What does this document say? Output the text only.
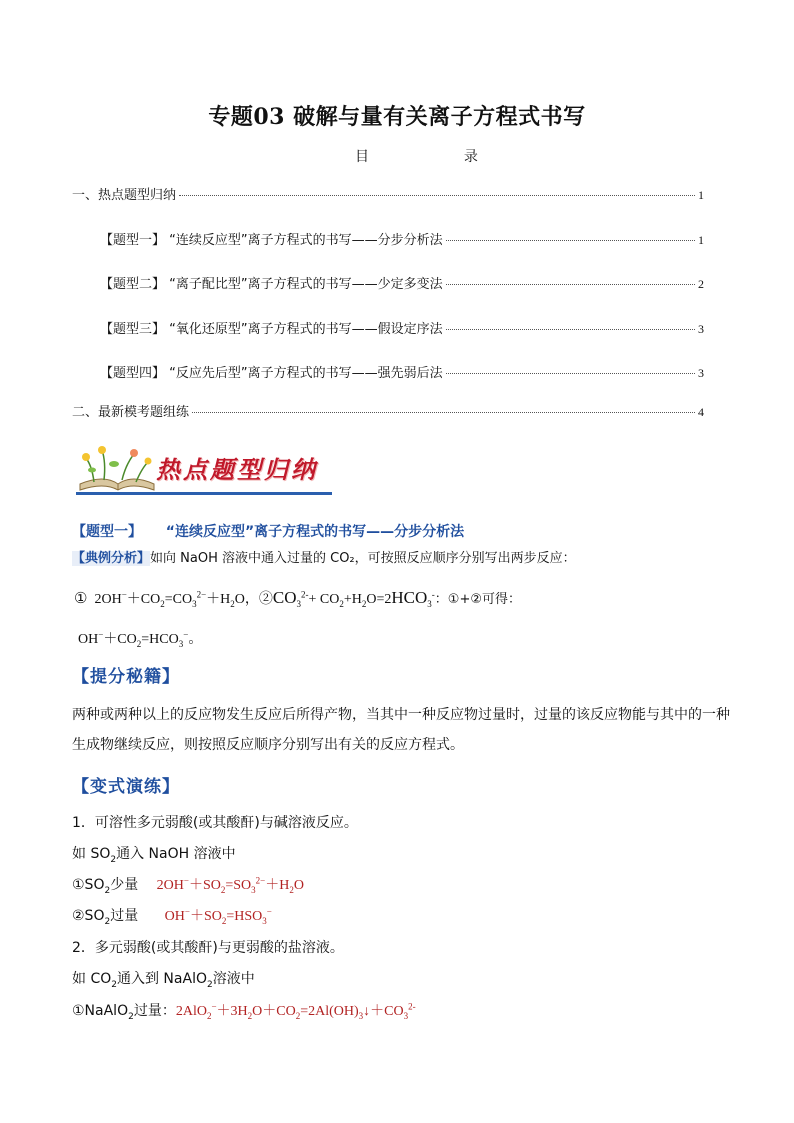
专题03 破解与量有关离子方程式书写
目	录
一、热点题型归纳	1
【题型一】 “连续反应型”离子方程式的书写——分步分析法	1
【题型二】 “离子配比型”离子方程式的书写——少定多变法	2
【题型三】 “氧化还原型”离子方程式的书写——假设定序法	3
【题型四】 “反应先后型”离子方程式的书写——强先弱后法	3
二、最新模考题组练	4
热点题型归纳
【题型一】 “连续反应型”离子方程式的书写——分步分析法
【典例分析】如向 NaOH 溶液中通入过量的 CO₂，可按照反应顺序分别写出两步反应：
①  $2OH^-+CO_2=CO_3^{2-}+H_2O$，$②CO_3^{2-}+ CO_2+H_2O=2HCO_3^-$：①+②可得：
$OH^-+CO_2=HCO_3^-$。
【提分秘籍】
两种或两种以上的反应物发生反应后所得产物，当其中一种反应物过量时，过量的该反应物能与其中的一种生成物继续反应，则按照反应顺序分别写出有关的反应方程式。
【变式演练】
1．可溶性多元弱酸(或其酸酐)与碱溶液反应。
如 $SO_2$通入 NaOH 溶液中
$①SO_2$少量 $2OH^-+SO_2=SO_3^{2-}+H_2O$
$②SO_2$过量 $OH^-+SO_2=HSO_3^-$
2．多元弱酸(或其酸酐)与更弱酸的盐溶液。
如 $CO_2$通入到 NaAlO$_2$溶液中
①NaAlO$_2$过量：$2AlO_2^-+3H_2O+CO_2=2Al(OH)_3↓+CO_3^{2-}$
